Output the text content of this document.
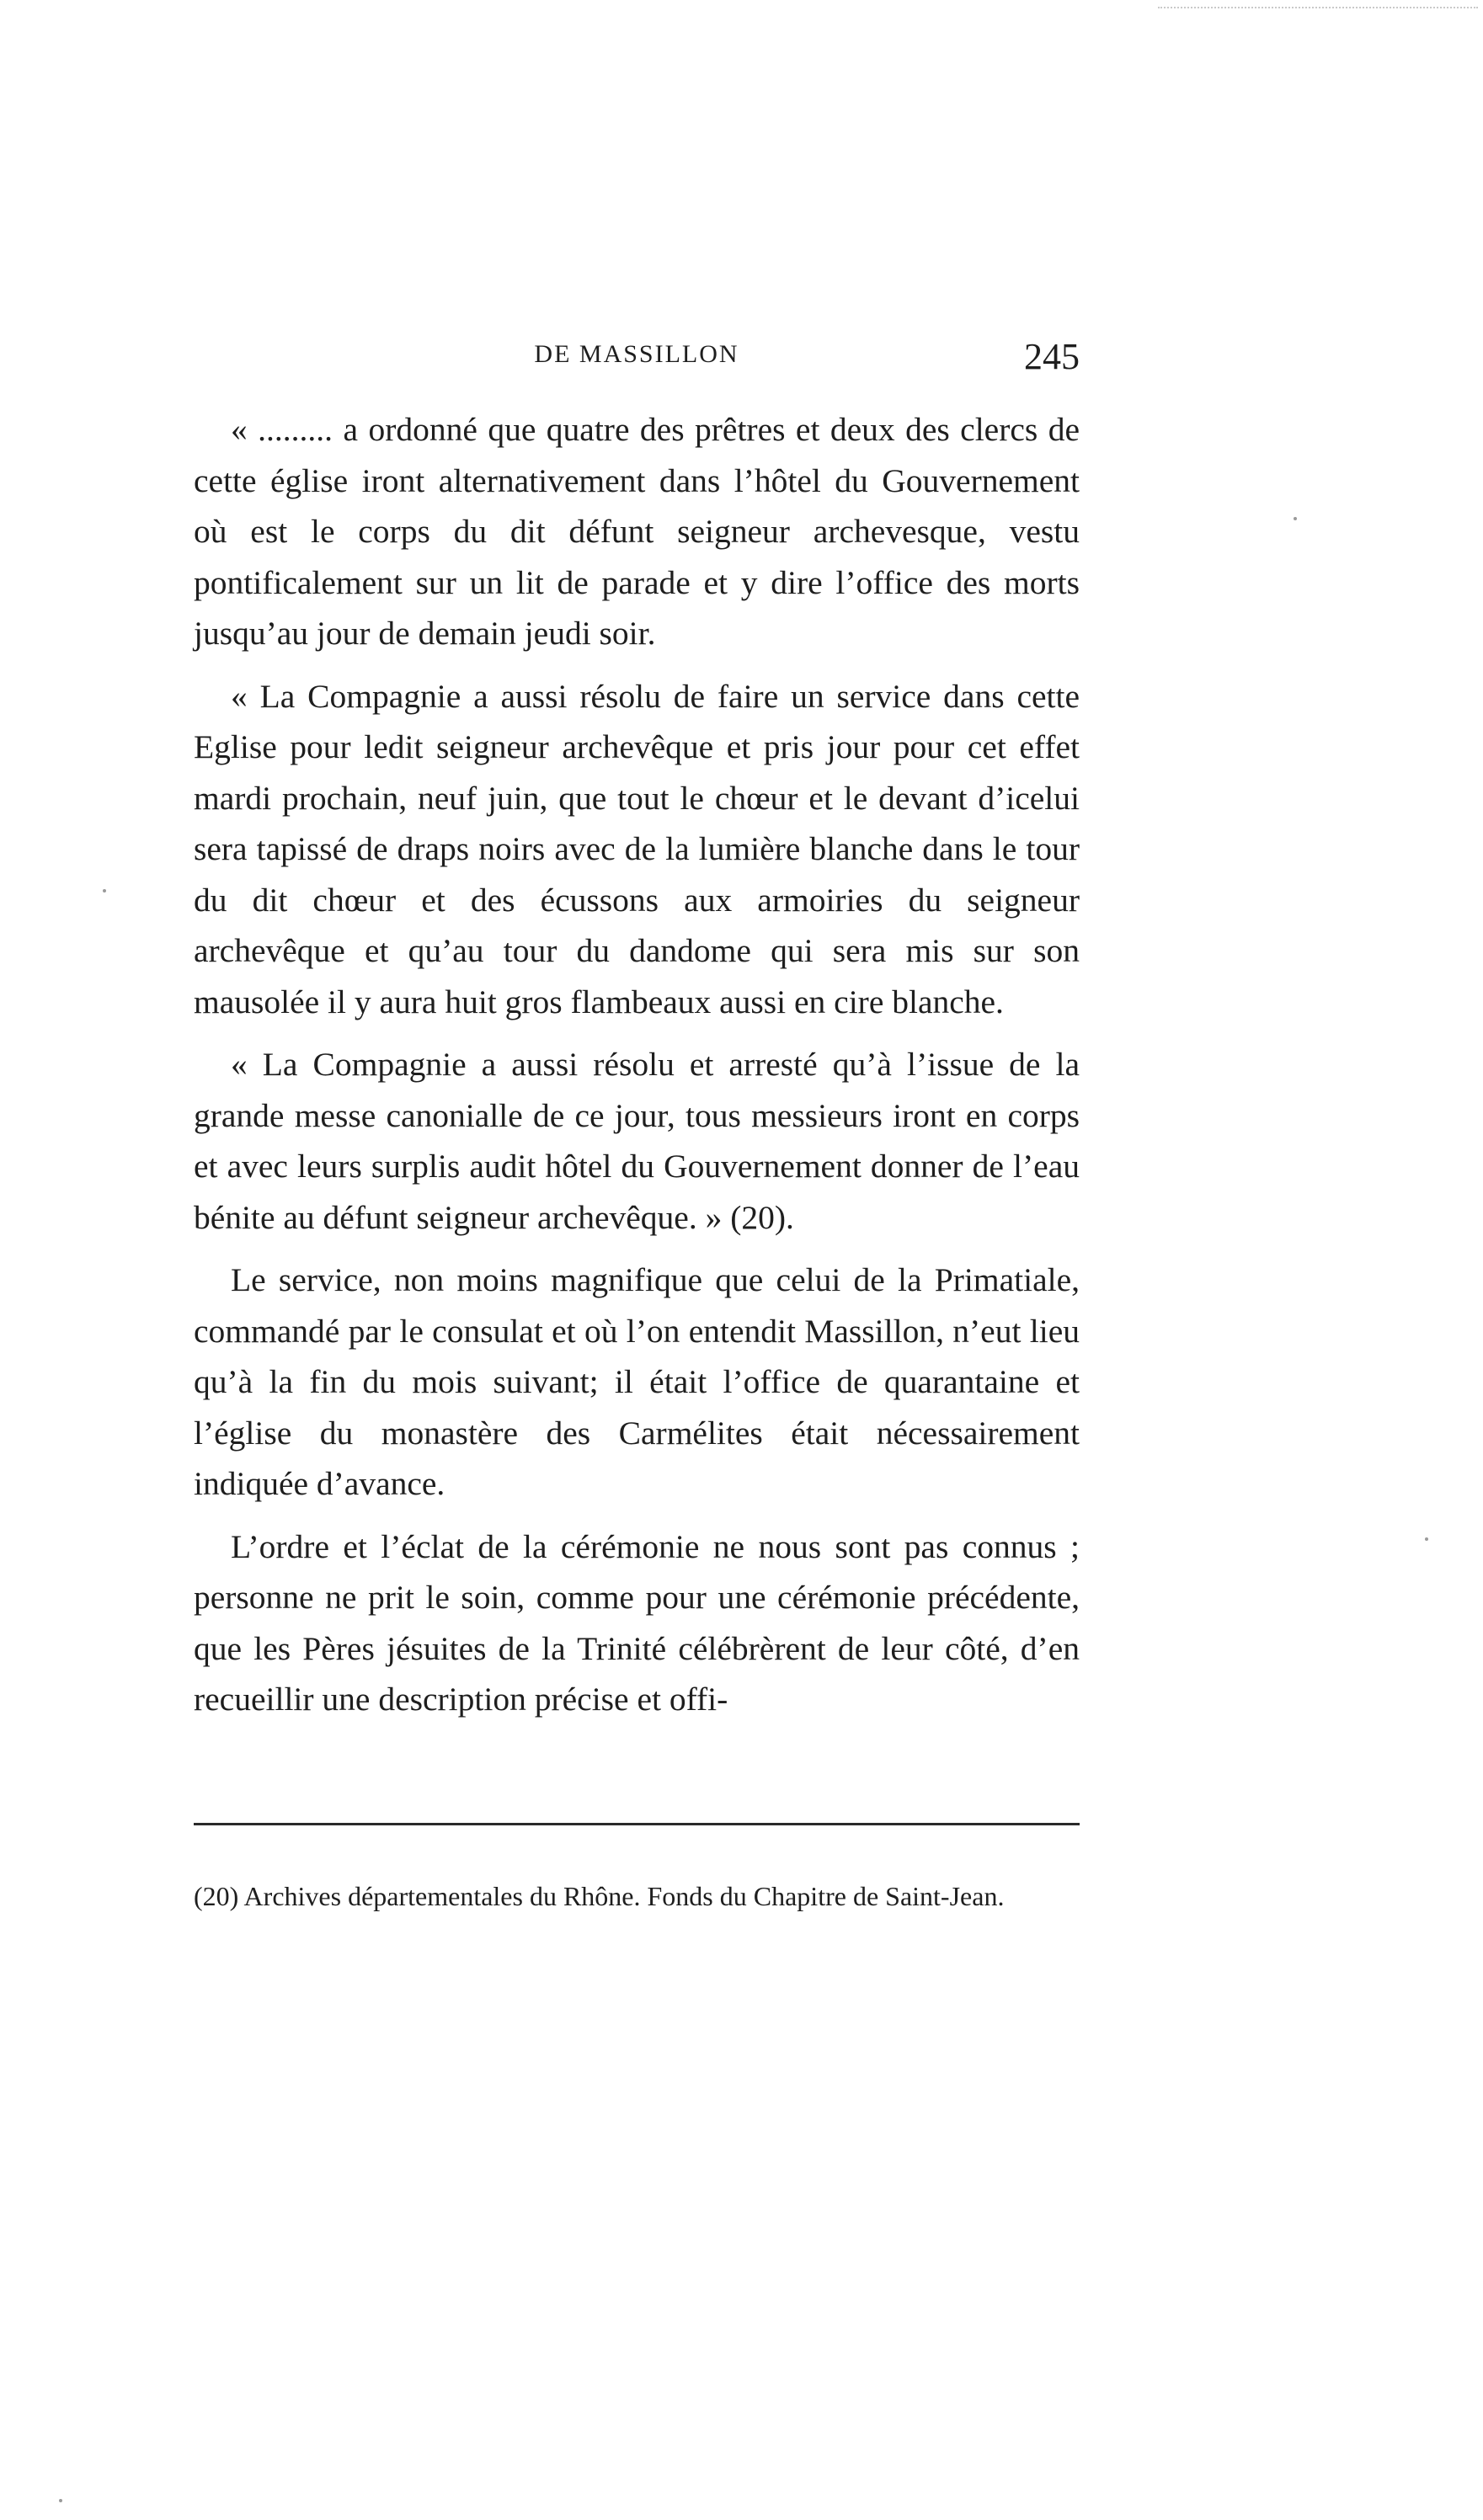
DE MASSILLON	245

« ......... a ordonné que quatre des prêtres et deux des clercs de cette église iront alternativement dans l’hôtel du Gouvernement où est le corps du dit défunt seigneur archevesque, vestu pontificalement sur un lit de parade et y dire l’office des morts jusqu’au jour de demain jeudi soir.

« La Compagnie a aussi résolu de faire un service dans cette Eglise pour ledit seigneur archevêque et pris jour pour cet effet mardi prochain, neuf juin, que tout le chœur et le devant d’icelui sera tapissé de draps noirs avec de la lumière blanche dans le tour du dit chœur et des écussons aux armoiries du seigneur archevêque et qu’au tour du dandome qui sera mis sur son mausolée il y aura huit gros flambeaux aussi en cire blanche.

« La Compagnie a aussi résolu et arresté qu’à l’issue de la grande messe canonialle de ce jour, tous messieurs iront en corps et avec leurs surplis audit hôtel du Gouvernement donner de l’eau bénite au défunt seigneur archevêque. » (20).

Le service, non moins magnifique que celui de la Primatiale, commandé par le consulat et où l’on entendit Massillon, n’eut lieu qu’à la fin du mois suivant; il était l’office de quarantaine et l’église du monastère des Carmélites était nécessairement indiquée d’avance.

L’ordre et l’éclat de la cérémonie ne nous sont pas connus ; personne ne prit le soin, comme pour une cérémonie précédente, que les Pères jésuites de la Trinité célébrèrent de leur côté, d’en recueillir une description précise et offi-

(20) Archives départementales du Rhône. Fonds du Chapitre de Saint-Jean.
